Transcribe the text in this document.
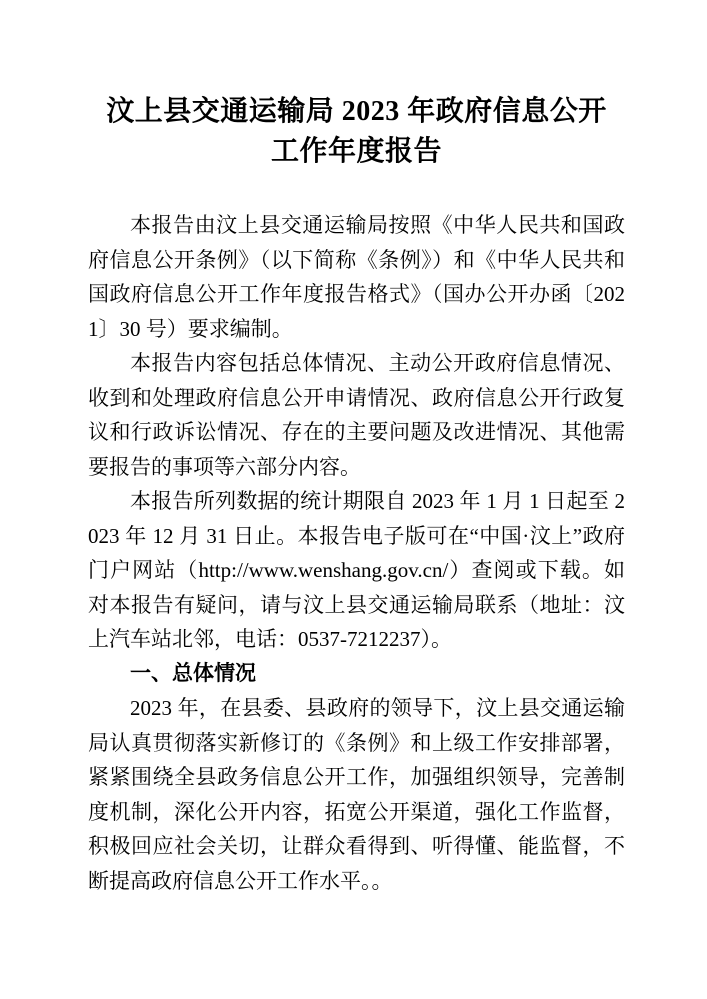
汶上县交通运输局 2023 年政府信息公开
工作年度报告

本报告由汶上县交通运输局按照《中华人民共和国政府信息公开条例》（以下简称《条例》）和《中华人民共和国政府信息公开工作年度报告格式》（国办公开办函〔2021〕30 号）要求编制。

本报告内容包括总体情况、主动公开政府信息情况、收到和处理政府信息公开申请情况、政府信息公开行政复议和行政诉讼情况、存在的主要问题及改进情况、其他需要报告的事项等六部分内容。

本报告所列数据的统计期限自 2023 年 1 月 1 日起至 2023 年 12 月 31 日止。本报告电子版可在“中国·汶上”政府门户网站（http://www.wenshang.gov.cn/）查阅或下载。如对本报告有疑问，请与汶上县交通运输局联系（地址：汶上汽车站北邻，电话：0537-7212237）。

一、总体情况

2023 年，在县委、县政府的领导下，汶上县交通运输局认真贯彻落实新修订的《条例》和上级工作安排部署，紧紧围绕全县政务信息公开工作，加强组织领导，完善制度机制，深化公开内容，拓宽公开渠道，强化工作监督，积极回应社会关切，让群众看得到、听得懂、能监督，不断提高政府信息公开工作水平。。
